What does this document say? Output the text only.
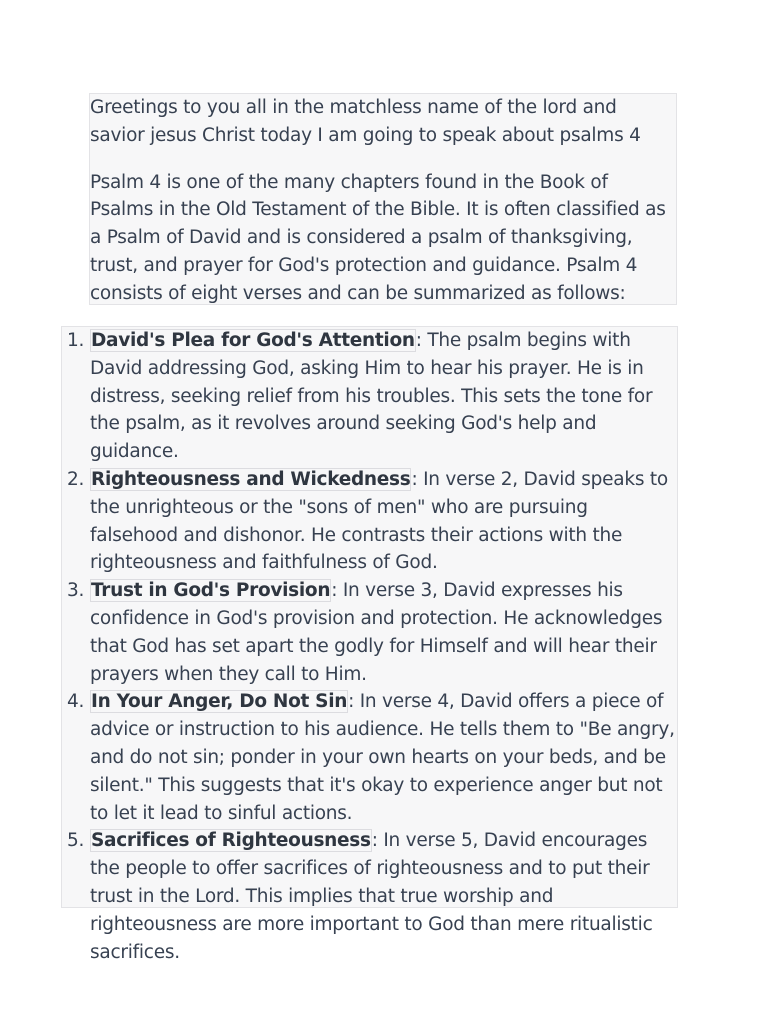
Greetings to you all in the matchless name of the lord and savior jesus Christ today I am going to speak about psalms 4

Psalm 4 is one of the many chapters found in the Book of Psalms in the Old Testament of the Bible. It is often classified as a Psalm of David and is considered a psalm of thanksgiving, trust, and prayer for God's protection and guidance. Psalm 4 consists of eight verses and can be summarized as follows:

1. David's Plea for God's Attention: The psalm begins with David addressing God, asking Him to hear his prayer. He is in distress, seeking relief from his troubles. This sets the tone for the psalm, as it revolves around seeking God's help and guidance.
2. Righteousness and Wickedness: In verse 2, David speaks to the unrighteous or the "sons of men" who are pursuing falsehood and dishonor. He contrasts their actions with the righteousness and faithfulness of God.
3. Trust in God's Provision: In verse 3, David expresses his confidence in God's provision and protection. He acknowledges that God has set apart the godly for Himself and will hear their prayers when they call to Him.
4. In Your Anger, Do Not Sin: In verse 4, David offers a piece of advice or instruction to his audience. He tells them to "Be angry, and do not sin; ponder in your own hearts on your beds, and be silent." This suggests that it's okay to experience anger but not to let it lead to sinful actions.
5. Sacrifices of Righteousness: In verse 5, David encourages the people to offer sacrifices of righteousness and to put their trust in the Lord. This implies that true worship and righteousness are more important to God than mere ritualistic sacrifices.
